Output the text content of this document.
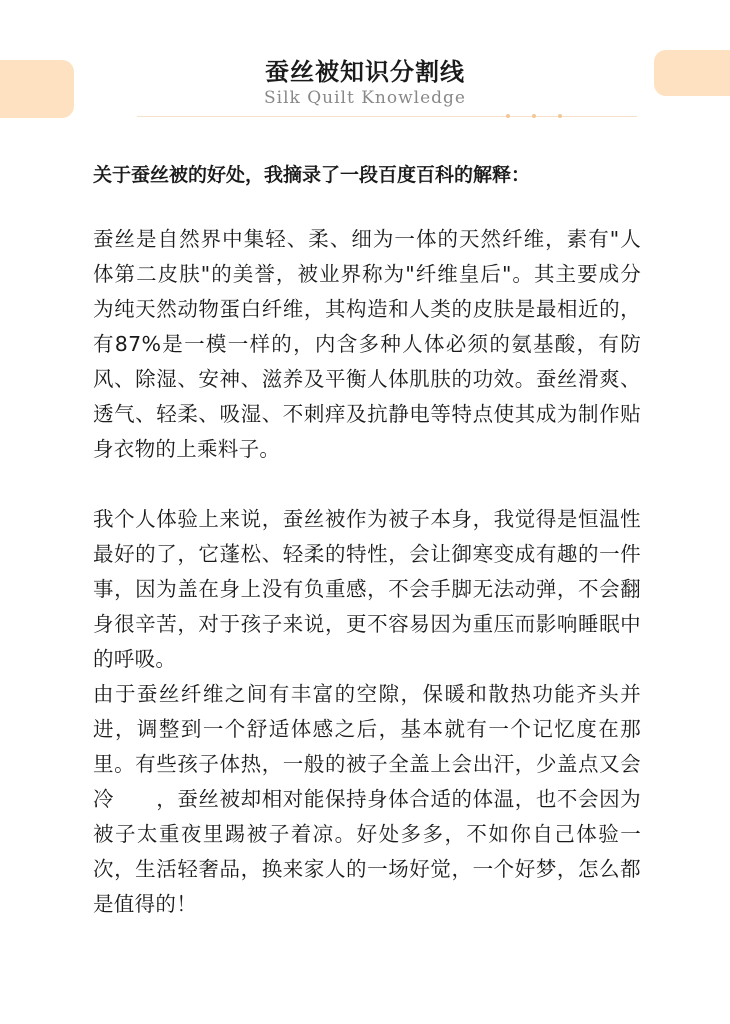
蚕丝被知识分割线
Silk Quilt Knowledge

关于蚕丝被的好处，我摘录了一段百度百科的解释：

蚕丝是自然界中集轻、柔、细为一体的天然纤维，素有"人体第二皮肤"的美誉，被业界称为"纤维皇后"。其主要成分为纯天然动物蛋白纤维，其构造和人类的皮肤是最相近的，有87%是一模一样的，内含多种人体必须的氨基酸，有防风、除湿、安神、滋养及平衡人体肌肤的功效。蚕丝滑爽、透气、轻柔、吸湿、不刺痒及抗静电等特点使其成为制作贴身衣物的上乘料子。

我个人体验上来说，蚕丝被作为被子本身，我觉得是恒温性最好的了，它蓬松、轻柔的特性，会让御寒变成有趣的一件事，因为盖在身上没有负重感，不会手脚无法动弹，不会翻身很辛苦，对于孩子来说，更不容易因为重压而影响睡眠中的呼吸。

由于蚕丝纤维之间有丰富的空隙，保暖和散热功能齐头并进，调整到一个舒适体感之后，基本就有一个记忆度在那里。有些孩子体热，一般的被子全盖上会出汗，少盖点又会冷　　，蚕丝被却相对能保持身体合适的体温，也不会因为被子太重夜里踢被子着凉。好处多多，不如你自己体验一次，生活轻奢品，换来家人的一场好觉，一个好梦，怎么都是值得的！
